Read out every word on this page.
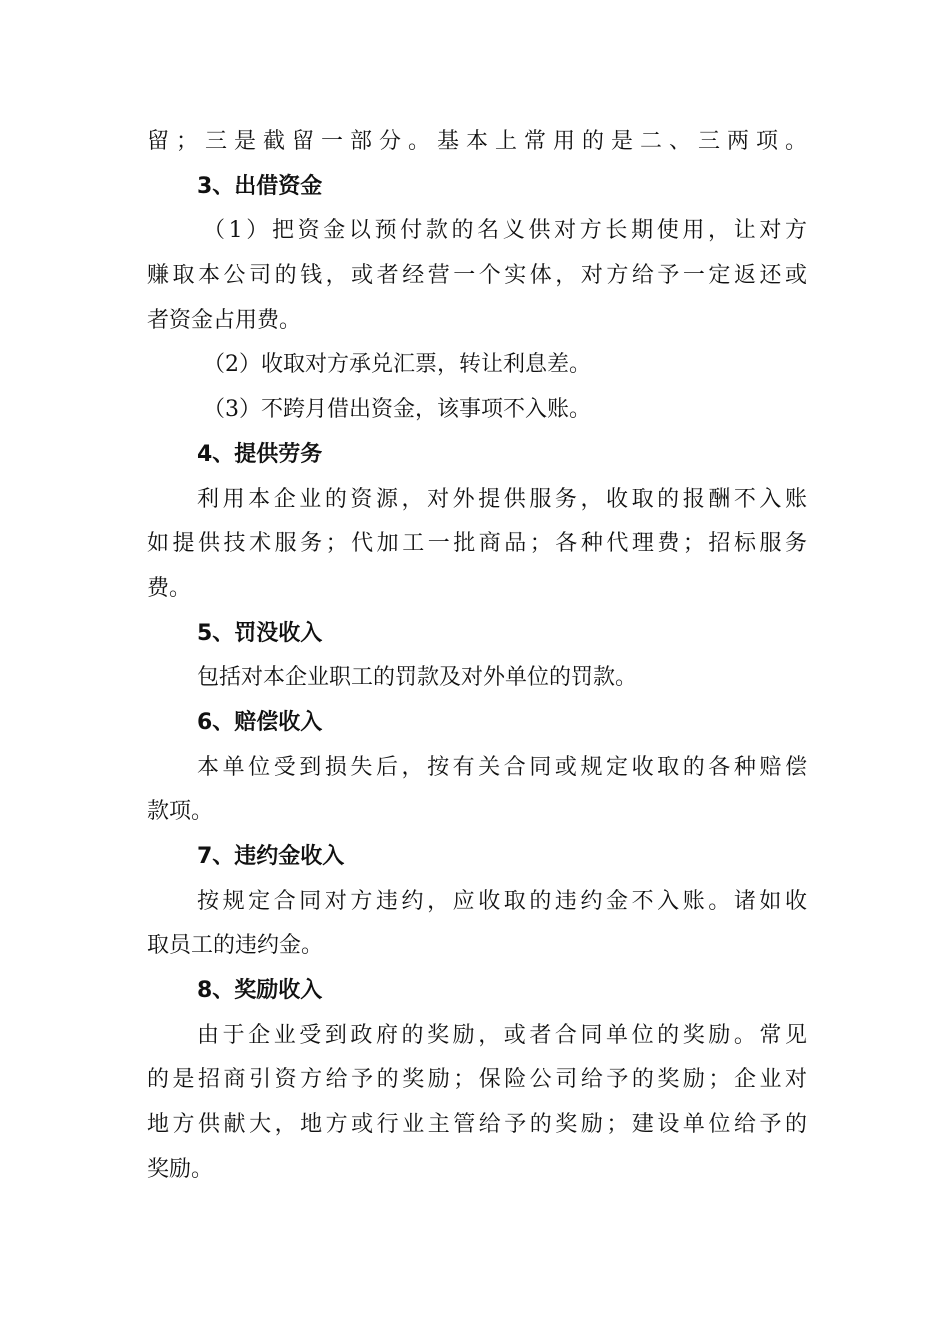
留；三是截留一部分。基本上常用的是二、三两项。
3、出借资金
（1）把资金以预付款的名义供对方长期使用，让对方
赚取本公司的钱，或者经营一个实体，对方给予一定返还或
者资金占用费。
（2）收取对方承兑汇票，转让利息差。
（3）不跨月借出资金，该事项不入账。
4、提供劳务
利用本企业的资源，对外提供服务，收取的报酬不入账
如提供技术服务；代加工一批商品；各种代理费；招标服务
费。
5、罚没收入
包括对本企业职工的罚款及对外单位的罚款。
6、赔偿收入
本单位受到损失后，按有关合同或规定收取的各种赔偿
款项。
7、违约金收入
按规定合同对方违约，应收取的违约金不入账。诸如收
取员工的违约金。
8、奖励收入
由于企业受到政府的奖励，或者合同单位的奖励。常见
的是招商引资方给予的奖励；保险公司给予的奖励；企业对
地方供献大，地方或行业主管给予的奖励；建设单位给予的
奖励。
